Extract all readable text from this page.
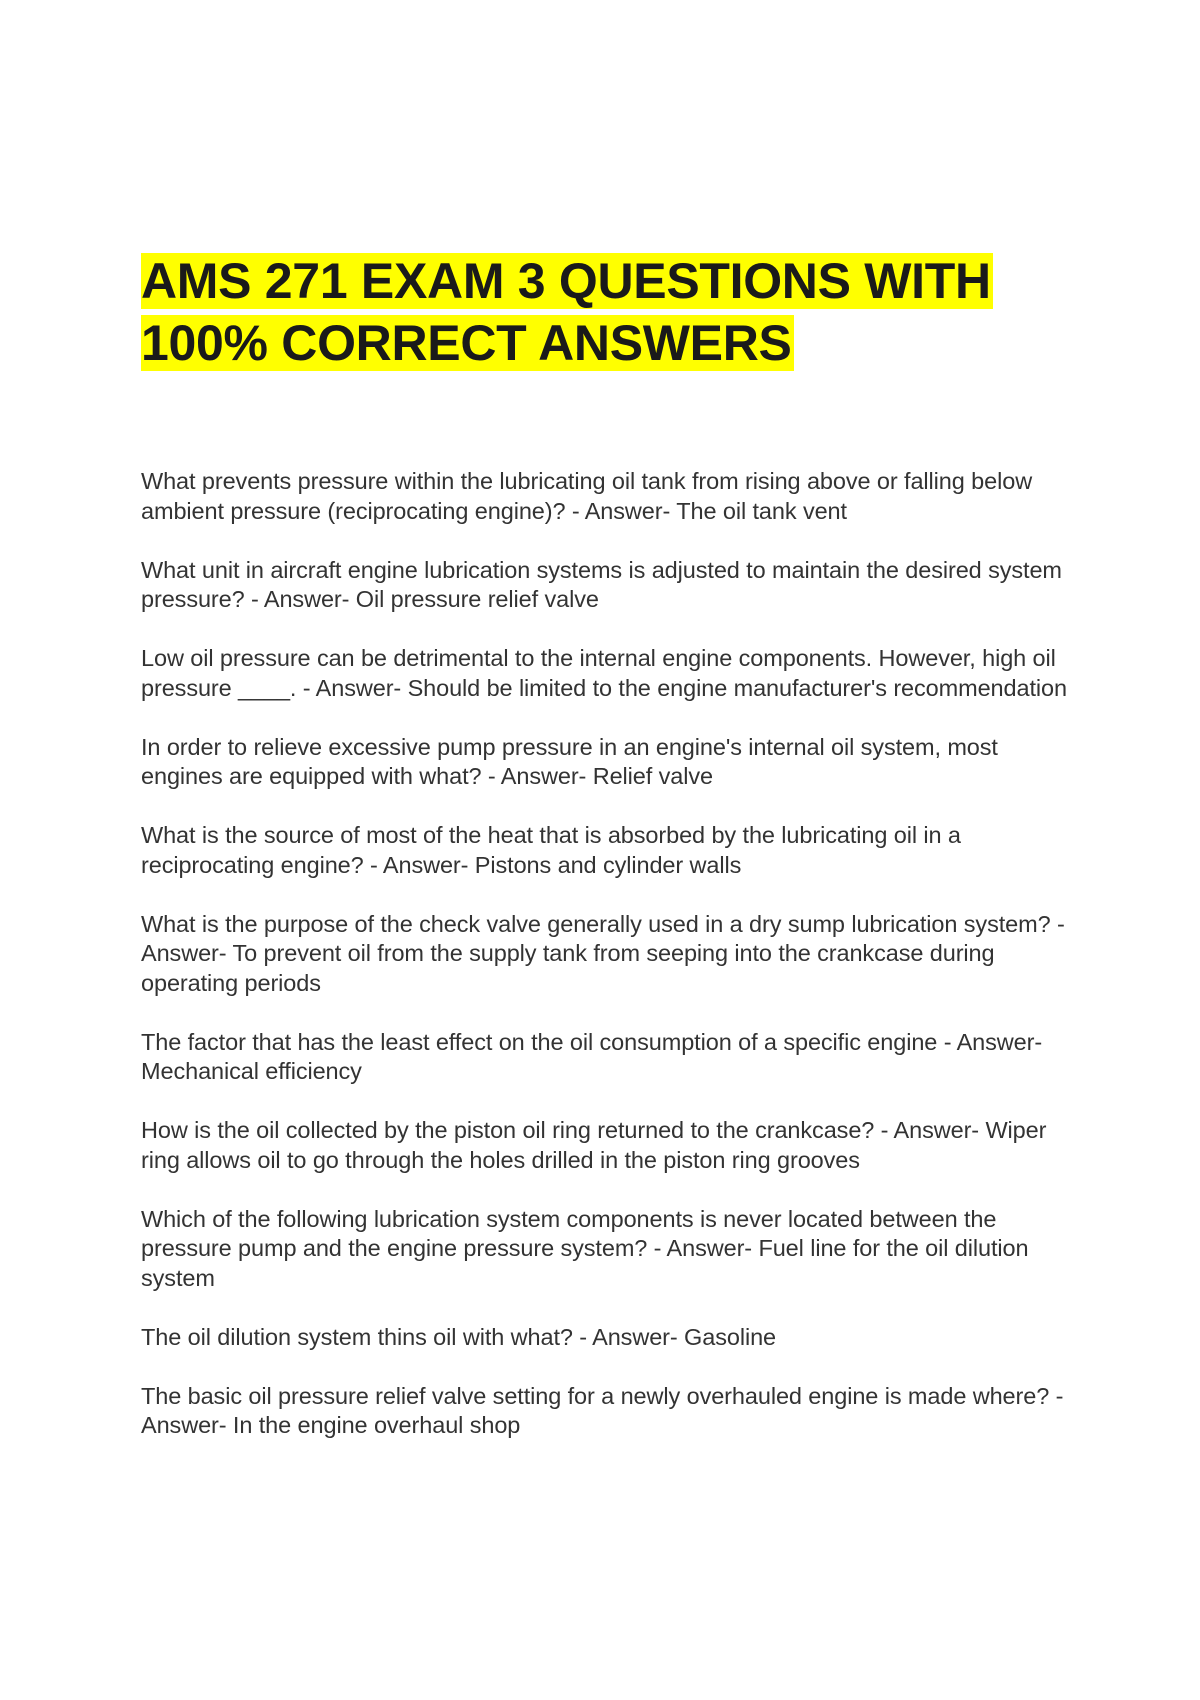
AMS 271 EXAM 3 QUESTIONS WITH 100% CORRECT ANSWERS
What prevents pressure within the lubricating oil tank from rising above or falling below ambient pressure (reciprocating engine)? - Answer- The oil tank vent
What unit in aircraft engine lubrication systems is adjusted to maintain the desired system pressure? - Answer- Oil pressure relief valve
Low oil pressure can be detrimental to the internal engine components. However, high oil pressure ____. - Answer- Should be limited to the engine manufacturer's recommendation
In order to relieve excessive pump pressure in an engine's internal oil system, most engines are equipped with what? - Answer- Relief valve
What is the source of most of the heat that is absorbed by the lubricating oil in a reciprocating engine? - Answer- Pistons and cylinder walls
What is the purpose of the check valve generally used in a dry sump lubrication system? - Answer- To prevent oil from the supply tank from seeping into the crankcase during operating periods
The factor that has the least effect on the oil consumption of a specific engine - Answer- Mechanical efficiency
How is the oil collected by the piston oil ring returned to the crankcase? - Answer- Wiper ring allows oil to go through the holes drilled in the piston ring grooves
Which of the following lubrication system components is never located between the pressure pump and the engine pressure system? - Answer- Fuel line for the oil dilution system
The oil dilution system thins oil with what? - Answer- Gasoline
The basic oil pressure relief valve setting for a newly overhauled engine is made where? - Answer- In the engine overhaul shop
